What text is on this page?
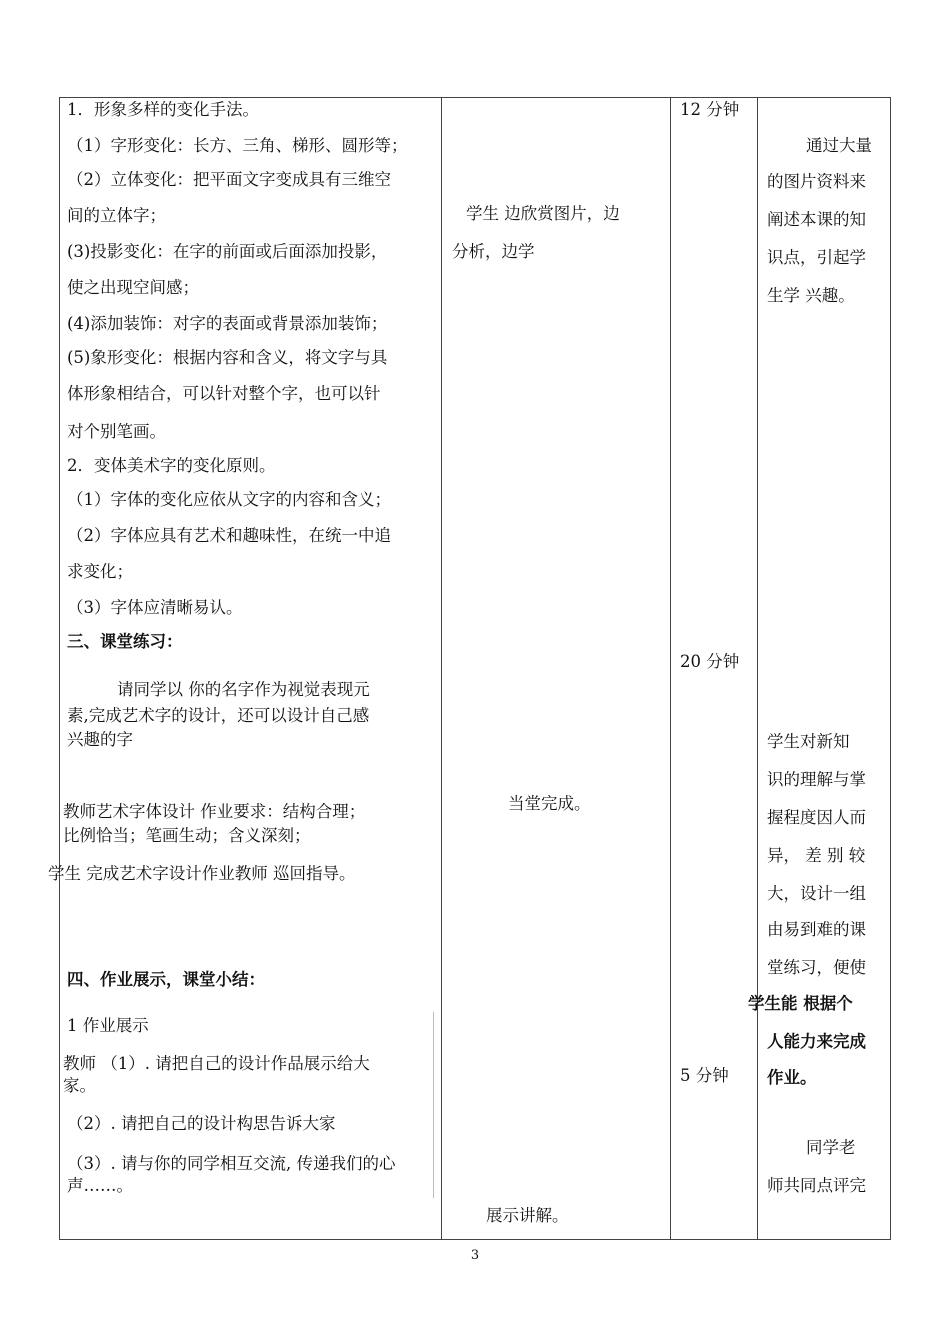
1．形象多样的变化手法。
（1）字形变化：长方、三角、梯形、圆形等；
（2）立体变化：把平面文字变成具有三维空
间的立体字；
(3)投影变化：在字的前面或后面添加投影，
使之出现空间感；
(4)添加装饰：对字的表面或背景添加装饰；
(5)象形变化：根据内容和含义，将文字与具
体形象相结合，可以针对整个字，也可以针
对个别笔画。
2．变体美术字的变化原则。
（1）字体的变化应依从文字的内容和含义；
（2）字体应具有艺术和趣味性，在统一中追
求变化；
（3）字体应清晰易认。
三、课堂练习：
请同学以 你的名字作为视觉表现元
素,完成艺术字的设计，还可以设计自己感
兴趣的字
教师艺术字体设计 作业要求：结构合理；
比例恰当；笔画生动；含义深刻；
学生 完成艺术字设计作业教师 巡回指导。
四、作业展示，课堂小结：
1 作业展示
教师 （1）. 请把自己的设计作品展示给大
家。
（2）. 请把自己的设计构思告诉大家
（3）. 请与你的同学相互交流, 传递我们的心
声……。
学生 边欣赏图片，边
分析，边学
当堂完成。
展示讲解。
12 分钟
20 分钟
5 分钟
通过大量
的图片资料来
阐述本课的知
识点，引起学
生学 兴趣。
学生对新知
识的理解与掌
握程度因人而
异， 差 别 较
大，设计一组
由易到难的课
堂练习，便使
学生能 根据个
人能力来完成
作业。
同学老
师共同点评完
3
